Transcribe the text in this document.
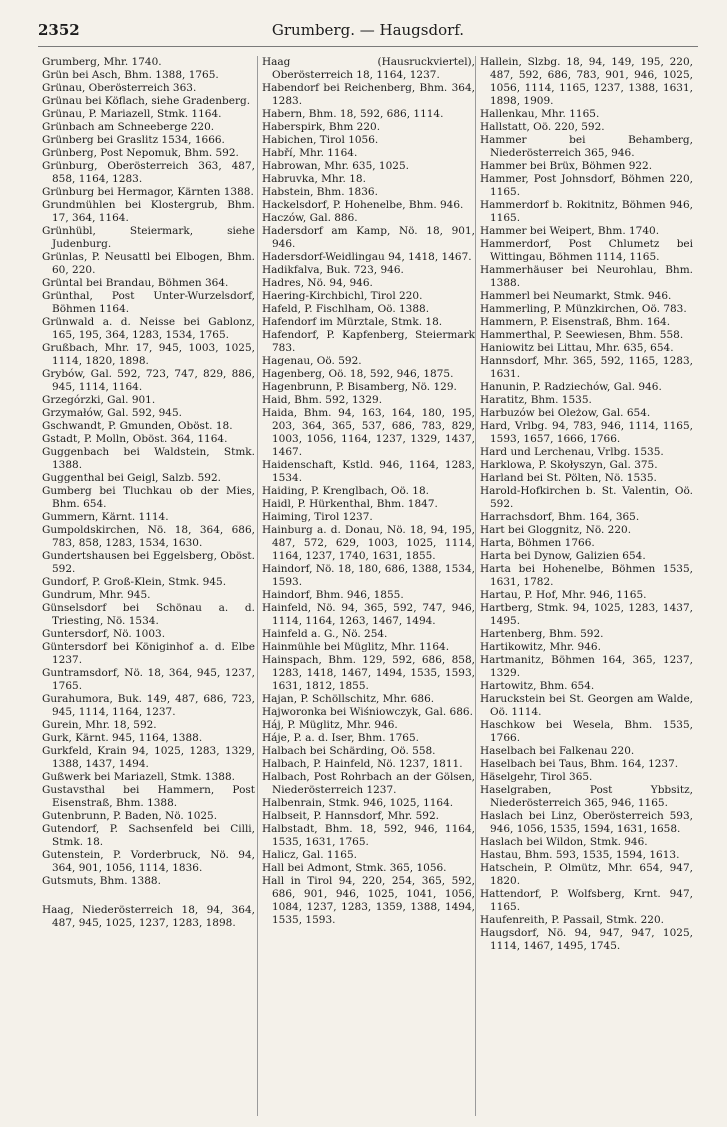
2352	Grumberg. — Haugsdorf.

Grumberg, Mhr. 1740.

Grün bei Asch, Bhm. 1388, 1765.

Grünau, Oberösterreich 363.

Grünau bei Köflach, siehe Gradenberg.

Grünau, P. Mariazell, Stmk. 1164.

Grünbach am Schneeberge 220.

Grünberg bei Graslitz 1534, 1666.

Grünberg, Post Nepomuk, Bhm. 592.

Grünburg, Oberösterreich 363, 487, 858, 1164, 1283.

Grünburg bei Hermagor, Kärnten 1388.

Grundmühlen bei Klostergrub, Bhm. 17, 364, 1164.

Grünhübl, Steiermark, siehe Judenburg.

Grünlas, P. Neusattl bei Elbogen, Bhm. 60, 220.

Grüntal bei Brandau, Böhmen 364.

Grünthal, Post Unter-Wurzelsdorf, Böhmen 1164.

Grünwald a. d. Neisse bei Gablonz, 165, 195, 364, 1283, 1534, 1765.

Grußbach, Mhr. 17, 945, 1003, 1025, 1114, 1820, 1898.

Grybów, Gal. 592, 723, 747, 829, 886, 945, 1114, 1164.

Grzegórzki, Gal. 901.

Grzymałów, Gal. 592, 945.

Gschwandt, P. Gmunden, Oböst. 18.

Gstadt, P. Molln, Oböst. 364, 1164.

Guggenbach bei Waldstein, Stmk. 1388.

Guggenthal bei Geigl, Salzb. 592.

Gumberg bei Tluchkau ob der Mies, Bhm. 654.

Gummern, Kärnt. 1114.

Gumpoldskirchen, Nö. 18, 364, 686, 783, 858, 1283, 1534, 1630.

Gundertshausen bei Eggelsberg, Oböst. 592.

Gundorf, P. Groß-Klein, Stmk. 945.

Gundrum, Mhr. 945.

Günselsdorf bei Schönau a. d. Triesting, Nö. 1534.

Guntersdorf, Nö. 1003.

Güntersdorf bei Königinhof a. d. Elbe 1237.

Guntramsdorf, Nö. 18, 364, 945, 1237, 1765.

Gurahumora, Buk. 149, 487, 686, 723, 945, 1114, 1164, 1237.

Gurein, Mhr. 18, 592.

Gurk, Kärnt. 945, 1164, 1388.

Gurkfeld, Krain 94, 1025, 1283, 1329, 1388, 1437, 1494.

Gußwerk bei Mariazell, Stmk. 1388.

Gustavsthal bei Hammern, Post Eisenstraß, Bhm. 1388.

Gutenbrunn, P. Baden, Nö. 1025.

Gutendorf, P. Sachsenfeld bei Cilli, Stmk. 18.

Gutenstein, P. Vorderbruck, Nö. 94, 364, 901, 1056, 1114, 1836.

Gutsmuts, Bhm. 1388.

Haag, Niederösterreich 18, 94, 364, 487, 945, 1025, 1237, 1283, 1898.

Haag (Hausruckviertel), Oberösterreich 18, 1164, 1237.

Habendorf bei Reichenberg, Bhm. 364, 1283.

Habern, Bhm. 18, 592, 686, 1114.

Haberspirk, Bhm 220.

Habichen, Tirol 1056.

Habří, Mhr. 1164.

Habrowan, Mhr. 635, 1025.

Habruvka, Mhr. 18.

Habstein, Bhm. 1836.

Hackelsdorf, P. Hohenelbe, Bhm. 946.

Haczów, Gal. 886.

Hadersdorf am Kamp, Nö. 18, 901, 946.

Hadersdorf-Weidlingau 94, 1418, 1467.

Hadikfalva, Buk. 723, 946.

Hadres, Nö. 94, 946.

Haering-Kirchbichl, Tirol 220.

Hafeld, P. Fischlham, Oö. 1388.

Hafendorf im Mürztale, Stmk. 18.

Hafendorf, P. Kapfenberg, Steiermark 783.

Hagenau, Oö. 592.

Hagenberg, Oö. 18, 592, 946, 1875.

Hagenbrunn, P. Bisamberg, Nö. 129.

Haid, Bhm. 592, 1329.

Haida, Bhm. 94, 163, 164, 180, 195, 203, 364, 365, 537, 686, 783, 829, 1003, 1056, 1164, 1237, 1329, 1437, 1467.

Haidenschaft, Kstld. 946, 1164, 1283, 1534.

Haiding, P. Krenglbach, Oö. 18.

Haidl, P. Hürkenthal, Bhm. 1847.

Haiming, Tirol 1237.

Hainburg a. d. Donau, Nö. 18, 94, 195, 487, 572, 629, 1003, 1025, 1114, 1164, 1237, 1740, 1631, 1855.

Haindorf, Nö. 18, 180, 686, 1388, 1534, 1593.

Haindorf, Bhm. 946, 1855.

Hainfeld, Nö. 94, 365, 592, 747, 946, 1114, 1164, 1263, 1467, 1494.

Hainfeld a. G., Nö. 254.

Hainmühle bei Müglitz, Mhr. 1164.

Hainspach, Bhm. 129, 592, 686, 858, 1283, 1418, 1467, 1494, 1535, 1593, 1631, 1812, 1855.

Hajan, P. Schöllschitz, Mhr. 686.

Hajworonka bei Wiśniowczyk, Gal. 686.

Háj, P. Müglitz, Mhr. 946.

Háje, P. a. d. Iser, Bhm. 1765.

Halbach bei Schärding, Oö. 558.

Halbach, P. Hainfeld, Nö. 1237, 1811.

Halbach, Post Rohrbach an der Gölsen, Niederösterreich 1237.

Halbenrain, Stmk. 946, 1025, 1164.

Halbseit, P. Hannsdorf, Mhr. 592.

Halbstadt, Bhm. 18, 592, 946, 1164, 1535, 1631, 1765.

Halicz, Gal. 1165.

Hall bei Admont, Stmk. 365, 1056.

Hall in Tirol 94, 220, 254, 365, 592, 686, 901, 946, 1025, 1041, 1056, 1084, 1237, 1283, 1359, 1388, 1494, 1535, 1593.

Hallein, Slzbg. 18, 94, 149, 195, 220, 487, 592, 686, 783, 901, 946, 1025, 1056, 1114, 1165, 1237, 1388, 1631, 1898, 1909.

Hallenkau, Mhr. 1165.

Hallstatt, Oö. 220, 592.

Hammer bei Behamberg, Niederösterreich 365, 946.

Hammer bei Brüx, Böhmen 922.

Hammer, Post Johnsdorf, Böhmen 220, 1165.

Hammerdorf b. Rokitnitz, Böhmen 946, 1165.

Hammer bei Weipert, Bhm. 1740.

Hammerdorf, Post Chlumetz bei Wittingau, Böhmen 1114, 1165.

Hammerhäuser bei Neurohlau, Bhm. 1388.

Hammerl bei Neumarkt, Stmk. 946.

Hammerling, P. Münzkirchen, Oö. 783.

Hammern, P. Eisenstraß, Bhm. 164.

Hammerthal, P. Seewiesen, Bhm. 558.

Haniowitz bei Littau, Mhr. 635, 654.

Hannsdorf, Mhr. 365, 592, 1165, 1283, 1631.

Hanunin, P. Radziechów, Gal. 946.

Haratitz, Bhm. 1535.

Harbuzów bei Oleżow, Gal. 654.

Hard, Vrlbg. 94, 783, 946, 1114, 1165, 1593, 1657, 1666, 1766.

Hard und Lerchenau, Vrlbg. 1535.

Harklowa, P. Skołyszyn, Gal. 375.

Harland bei St. Pölten, Nö. 1535.

Harold-Hofkirchen b. St. Valentin, Oö. 592.

Harrachsdorf, Bhm. 164, 365.

Hart bei Gloggnitz, Nö. 220.

Harta, Böhmen 1766.

Harta bei Dynow, Galizien 654.

Harta bei Hohenelbe, Böhmen 1535, 1631, 1782.

Hartau, P. Hof, Mhr. 946, 1165.

Hartberg, Stmk. 94, 1025, 1283, 1437, 1495.

Hartenberg, Bhm. 592.

Hartikowitz, Mhr. 946.

Hartmanitz, Böhmen 164, 365, 1237, 1329.

Hartowitz, Bhm. 654.

Haruckstein bei St. Georgen am Walde, Oö. 1114.

Haschkow bei Wesela, Bhm. 1535, 1766.

Haselbach bei Falkenau 220.

Haselbach bei Taus, Bhm. 164, 1237.

Häselgehr, Tirol 365.

Haselgraben, Post Ybbsitz, Niederösterreich 365, 946, 1165.

Haslach bei Linz, Oberösterreich 593, 946, 1056, 1535, 1594, 1631, 1658.

Haslach bei Wildon, Stmk. 946.

Hastau, Bhm. 593, 1535, 1594, 1613.

Hatschein, P. Olmütz, Mhr. 654, 947, 1820.

Hattendorf, P. Wolfsberg, Krnt. 947, 1165.

Haufenreith, P. Passail, Stmk. 220.

Haugsdorf, Nö. 94, 947, 947, 1025, 1114, 1467, 1495, 1745.
